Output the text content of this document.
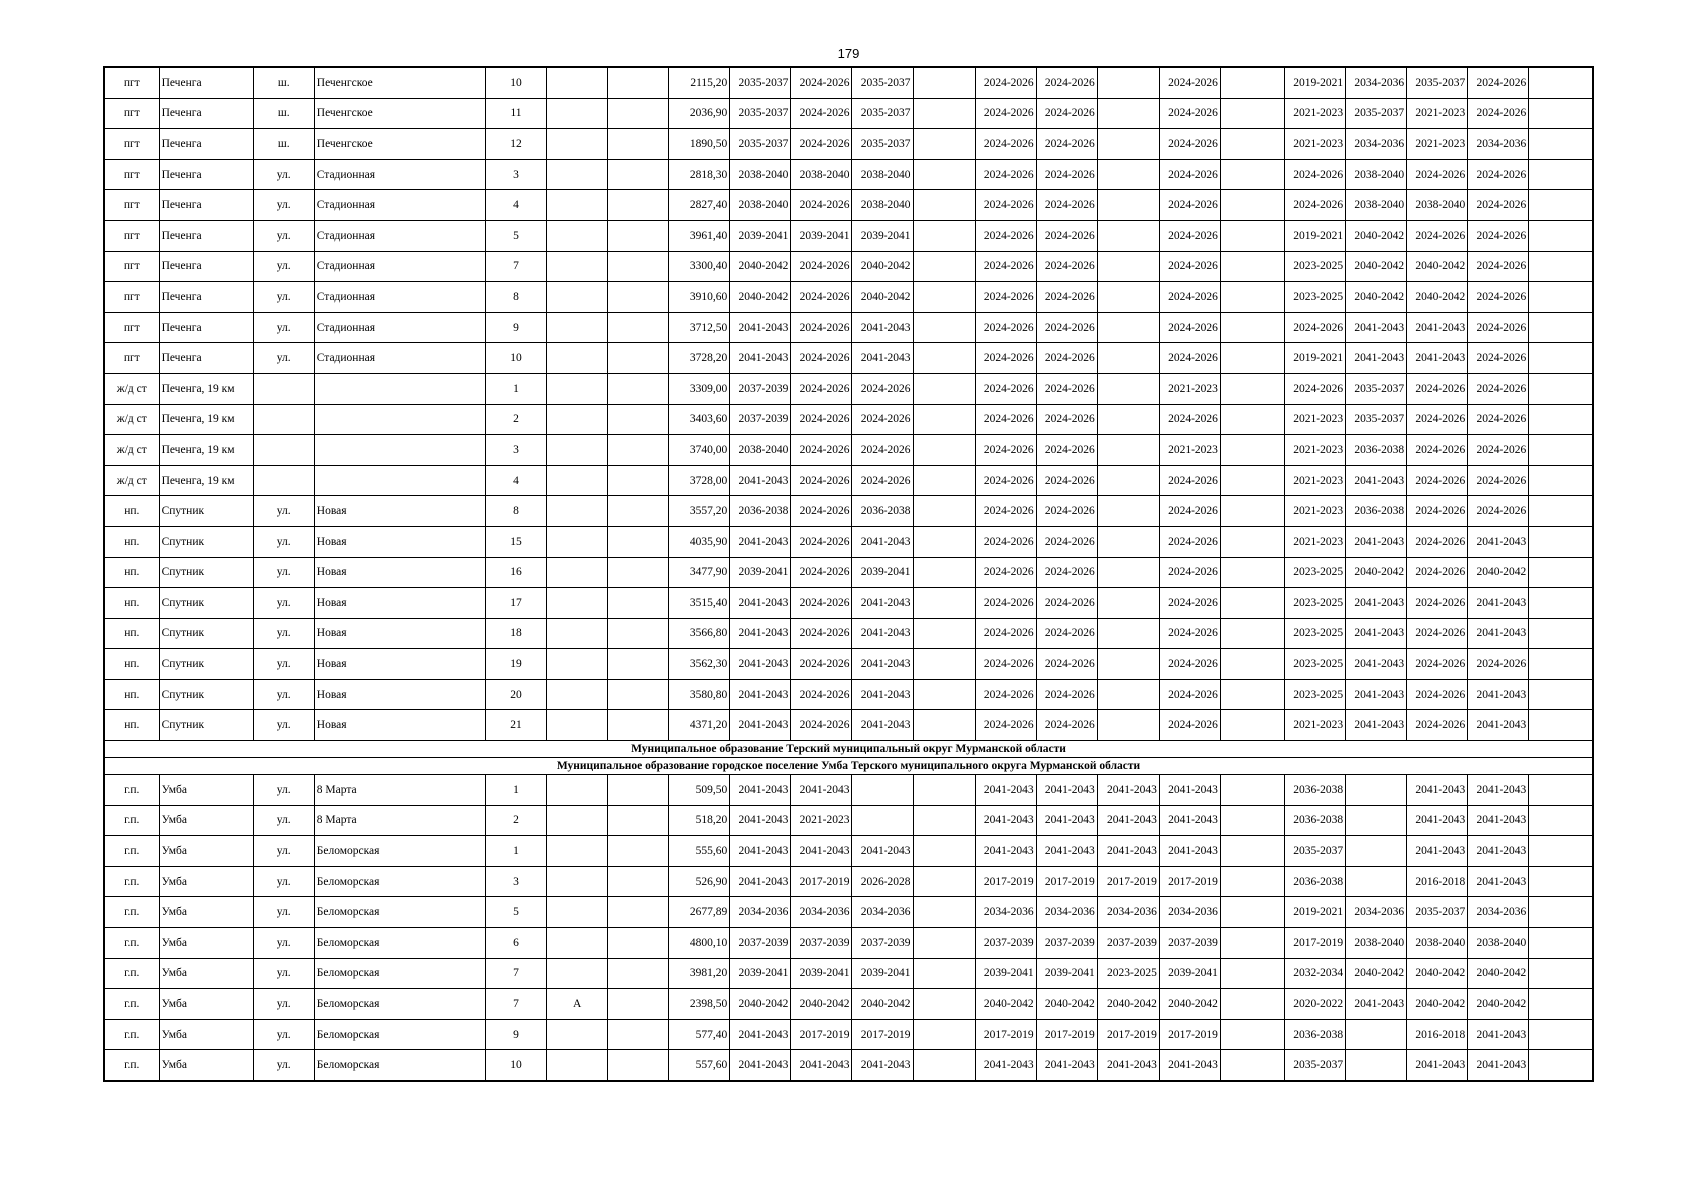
179
пгт	Печенга	ш.	Печенгское	10			2115,20	2035-2037	2024-2026	2035-2037		2024-2026	2024-2026		2024-2026		2019-2021	2034-2036	2035-2037	2024-2026	
пгт	Печенга	ш.	Печенгское	11			2036,90	2035-2037	2024-2026	2035-2037		2024-2026	2024-2026		2024-2026		2021-2023	2035-2037	2021-2023	2024-2026	
пгт	Печенга	ш.	Печенгское	12			1890,50	2035-2037	2024-2026	2035-2037		2024-2026	2024-2026		2024-2026		2021-2023	2034-2036	2021-2023	2034-2036	
пгт	Печенга	ул.	Стадионная	3			2818,30	2038-2040	2038-2040	2038-2040		2024-2026	2024-2026		2024-2026		2024-2026	2038-2040	2024-2026	2024-2026	
пгт	Печенга	ул.	Стадионная	4			2827,40	2038-2040	2024-2026	2038-2040		2024-2026	2024-2026		2024-2026		2024-2026	2038-2040	2038-2040	2024-2026	
пгт	Печенга	ул.	Стадионная	5			3961,40	2039-2041	2039-2041	2039-2041		2024-2026	2024-2026		2024-2026		2019-2021	2040-2042	2024-2026	2024-2026	
пгт	Печенга	ул.	Стадионная	7			3300,40	2040-2042	2024-2026	2040-2042		2024-2026	2024-2026		2024-2026		2023-2025	2040-2042	2040-2042	2024-2026	
пгт	Печенга	ул.	Стадионная	8			3910,60	2040-2042	2024-2026	2040-2042		2024-2026	2024-2026		2024-2026		2023-2025	2040-2042	2040-2042	2024-2026	
пгт	Печенга	ул.	Стадионная	9			3712,50	2041-2043	2024-2026	2041-2043		2024-2026	2024-2026		2024-2026		2024-2026	2041-2043	2041-2043	2024-2026	
пгт	Печенга	ул.	Стадионная	10			3728,20	2041-2043	2024-2026	2041-2043		2024-2026	2024-2026		2024-2026		2019-2021	2041-2043	2041-2043	2024-2026	
ж/д ст	Печенга, 19 км			1			3309,00	2037-2039	2024-2026	2024-2026		2024-2026	2024-2026		2021-2023		2024-2026	2035-2037	2024-2026	2024-2026	
ж/д ст	Печенга, 19 км			2			3403,60	2037-2039	2024-2026	2024-2026		2024-2026	2024-2026		2024-2026		2021-2023	2035-2037	2024-2026	2024-2026	
ж/д ст	Печенга, 19 км			3			3740,00	2038-2040	2024-2026	2024-2026		2024-2026	2024-2026		2021-2023		2021-2023	2036-2038	2024-2026	2024-2026	
ж/д ст	Печенга, 19 км			4			3728,00	2041-2043	2024-2026	2024-2026		2024-2026	2024-2026		2024-2026		2021-2023	2041-2043	2024-2026	2024-2026	
нп.	Спутник	ул.	Новая	8			3557,20	2036-2038	2024-2026	2036-2038		2024-2026	2024-2026		2024-2026		2021-2023	2036-2038	2024-2026	2024-2026	
нп.	Спутник	ул.	Новая	15			4035,90	2041-2043	2024-2026	2041-2043		2024-2026	2024-2026		2024-2026		2021-2023	2041-2043	2024-2026	2041-2043	
нп.	Спутник	ул.	Новая	16			3477,90	2039-2041	2024-2026	2039-2041		2024-2026	2024-2026		2024-2026		2023-2025	2040-2042	2024-2026	2040-2042	
нп.	Спутник	ул.	Новая	17			3515,40	2041-2043	2024-2026	2041-2043		2024-2026	2024-2026		2024-2026		2023-2025	2041-2043	2024-2026	2041-2043	
нп.	Спутник	ул.	Новая	18			3566,80	2041-2043	2024-2026	2041-2043		2024-2026	2024-2026		2024-2026		2023-2025	2041-2043	2024-2026	2041-2043	
нп.	Спутник	ул.	Новая	19			3562,30	2041-2043	2024-2026	2041-2043		2024-2026	2024-2026		2024-2026		2023-2025	2041-2043	2024-2026	2024-2026	
нп.	Спутник	ул.	Новая	20			3580,80	2041-2043	2024-2026	2041-2043		2024-2026	2024-2026		2024-2026		2023-2025	2041-2043	2024-2026	2041-2043	
нп.	Спутник	ул.	Новая	21			4371,20	2041-2043	2024-2026	2041-2043		2024-2026	2024-2026		2024-2026		2021-2023	2041-2043	2024-2026	2041-2043	
Муниципальное образование Терский муниципальный округ Мурманской области																					
Муниципальное образование городское поселение Умба Терского муниципального округа Мурманской области																					
г.п.	Умба	ул.	8 Марта	1			509,50	2041-2043	2041-2043			2041-2043	2041-2043	2041-2043	2041-2043		2036-2038		2041-2043	2041-2043	
г.п.	Умба	ул.	8 Марта	2			518,20	2041-2043	2021-2023			2041-2043	2041-2043	2041-2043	2041-2043		2036-2038		2041-2043	2041-2043	
г.п.	Умба	ул.	Беломорская	1			555,60	2041-2043	2041-2043	2041-2043		2041-2043	2041-2043	2041-2043	2041-2043		2035-2037		2041-2043	2041-2043	
г.п.	Умба	ул.	Беломорская	3			526,90	2041-2043	2017-2019	2026-2028		2017-2019	2017-2019	2017-2019	2017-2019		2036-2038		2016-2018	2041-2043	
г.п.	Умба	ул.	Беломорская	5			2677,89	2034-2036	2034-2036	2034-2036		2034-2036	2034-2036	2034-2036	2034-2036		2019-2021	2034-2036	2035-2037	2034-2036	
г.п.	Умба	ул.	Беломорская	6			4800,10	2037-2039	2037-2039	2037-2039		2037-2039	2037-2039	2037-2039	2037-2039		2017-2019	2038-2040	2038-2040	2038-2040	
г.п.	Умба	ул.	Беломорская	7			3981,20	2039-2041	2039-2041	2039-2041		2039-2041	2039-2041	2023-2025	2039-2041		2032-2034	2040-2042	2040-2042	2040-2042	
г.п.	Умба	ул.	Беломорская	7	А		2398,50	2040-2042	2040-2042	2040-2042		2040-2042	2040-2042	2040-2042	2040-2042		2020-2022	2041-2043	2040-2042	2040-2042	
г.п.	Умба	ул.	Беломорская	9			577,40	2041-2043	2017-2019	2017-2019		2017-2019	2017-2019	2017-2019	2017-2019		2036-2038		2016-2018	2041-2043	
г.п.	Умба	ул.	Беломорская	10			557,60	2041-2043	2041-2043	2041-2043		2041-2043	2041-2043	2041-2043	2041-2043		2035-2037		2041-2043	2041-2043	
